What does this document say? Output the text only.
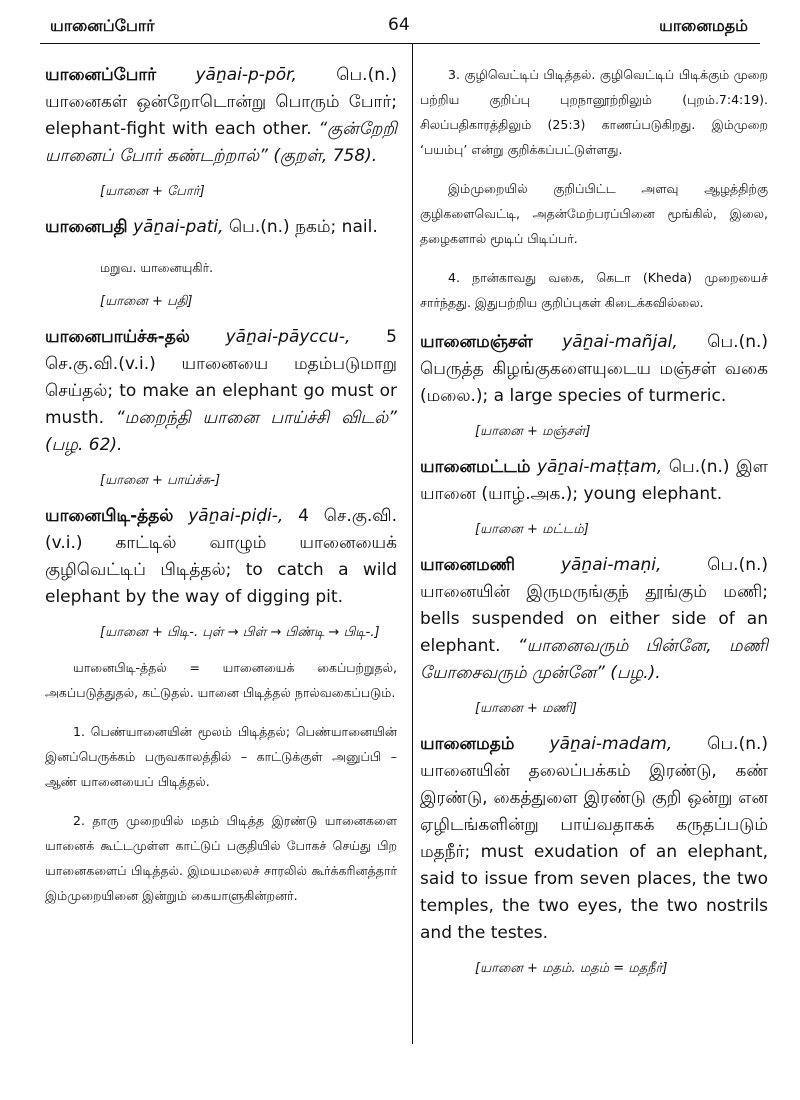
யானைப்போர்	64	யானைமதம்

யானைப்போர் yāṉai-p-pōr, பெ.(n.) யானைகள் ஒன்றோடொன்று பொரும் போர்; elephant-fight with each other. “குன்றேறி யானைப் போர் கண்டற்றால்” (குறள், 758).

[யானை + போர்]

யானைபதி yāṉai-pati, பெ.(n.) நகம்; nail.

மறுவ. யானையுகிர்.

[யானை + பதி]

யானைபாய்ச்சு-தல் yāṉai-pāyccu-, 5 செ.கு.வி.(v.i.) யானையை மதம்படுமாறு செய்தல்; to make an elephant go must or musth. “மறைந்தி யானை பாய்ச்சி விடல்” (பழ. 62).

[யானை + பாய்ச்சு-]

யானைபிடி-த்தல் yāṉai-piḍi-, 4 செ.கு.வி. (v.i.) காட்டில் வாழும் யானையைக் குழிவெட்டிப் பிடித்தல்; to catch a wild elephant by the way of digging pit.

[யானை + பிடி-. புள் → பிள் → பிண்டி → பிடி-.]

யானைபிடி-த்தல் = யானையைக் கைப்பற்றுதல், அகப்படுத்துதல், கட்டுதல். யானை பிடித்தல் நால்வகைப்படும்.

1. பெண்யானையின் மூலம் பிடித்தல்; பெண்யானையின் இனப்பெருக்கம் பருவகாலத்தில் – காட்டுக்குள் அனுப்பி – ஆண் யானையைப் பிடித்தல்.

2. தாரு முறையில் மதம் பிடித்த இரண்டு யானைகளை யானைக் கூட்டமுள்ள காட்டுப் பகுதியில் போகச் செய்து பிற யானைகளைப் பிடித்தல். இமயமலைச் சாரலில் கூர்க்கரினத்தார் இம்முறையினை இன்றும் கையாளுகின்றனர்.

3. குழிவெட்டிப் பிடித்தல். குழிவெட்டிப் பிடிக்கும் முறை பற்றிய குறிப்பு புறநானூற்றிலும் (புறம்.7:4:19). சிலப்பதிகாரத்திலும் (25:3) காணப்படுகிறது. இம்முறை ‘பயம்பு’ என்று குறிக்கப்பட்டுள்ளது.

இம்முறையில் குறிப்பிட்ட அளவு ஆழத்திற்கு குழிகளைவெட்டி, அதன்மேற்பரப்பினை மூங்கில், இலை, தழைகளால் மூடிப் பிடிப்பர்.

4. நான்காவது வகை, கெடா (Kheda) முறையைச் சார்ந்தது. இதுபற்றிய குறிப்புகள் கிடைக்கவில்லை.

யானைமஞ்சள் yāṉai-mañjal, பெ.(n.) பெருத்த கிழங்குகளையுடைய மஞ்சள் வகை (மலை.); a large species of turmeric.

[யானை + மஞ்சள்]

யானைமட்டம் yāṉai-maṭṭam, பெ.(n.) இள யானை (யாழ்.அக.); young elephant.

[யானை + மட்டம்]

யானைமணி	yāṉai-maṇi,	பெ.(n.) யானையின் இருமருங்குந் தூங்கும் மணி; bells suspended on either side of an elephant. “யானைவரும் பின்னே, மணி யோசைவரும் முன்னே” (பழ.).

[யானை + மணி]

யானைமதம் yāṉai-madam, பெ.(n.) யானையின் தலைப்பக்கம் இரண்டு, கண் இரண்டு, கைத்துளை இரண்டு குறி ஒன்று என ஏழிடங்களின்று பாய்வதாகக் கருதப்படும் மதநீர்; must exudation of an elephant, said to issue from seven places, the two temples, the two eyes, the two nostrils and the testes.

[யானை + மதம். மதம் = மதநீர்]
